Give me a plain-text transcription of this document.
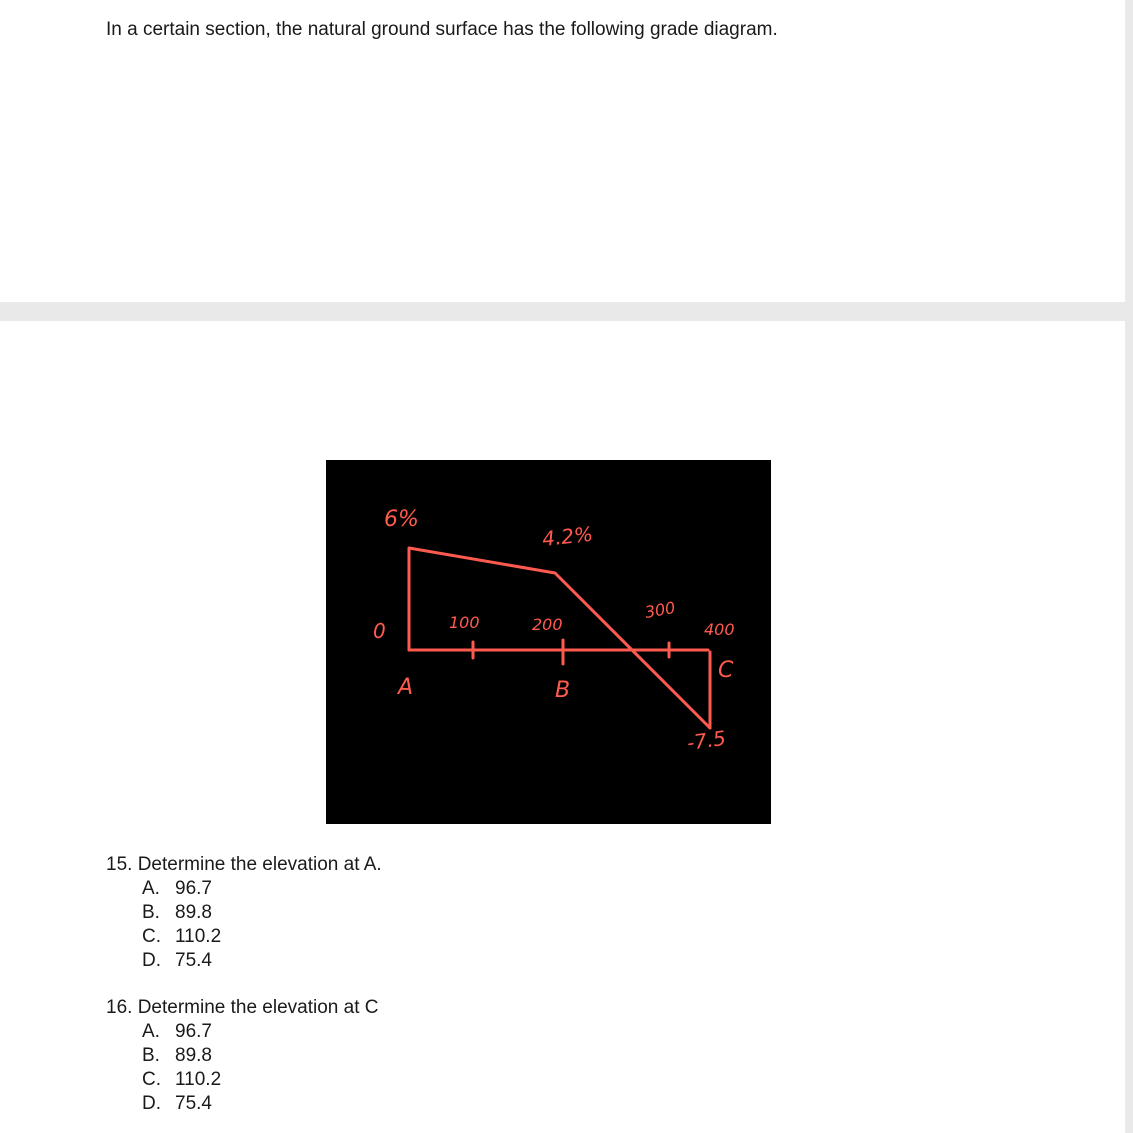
In a certain section, the natural ground surface has the following grade diagram.

6%
4.2%
0	100	200
300
400
A	B
C
-7.5

15. Determine the elevation at A.

A. 96.7
B. 89.8
C. 110.2
D. 75.4

16. Determine the elevation at C

A. 96.7
B. 89.8
C. 110.2
D. 75.4
